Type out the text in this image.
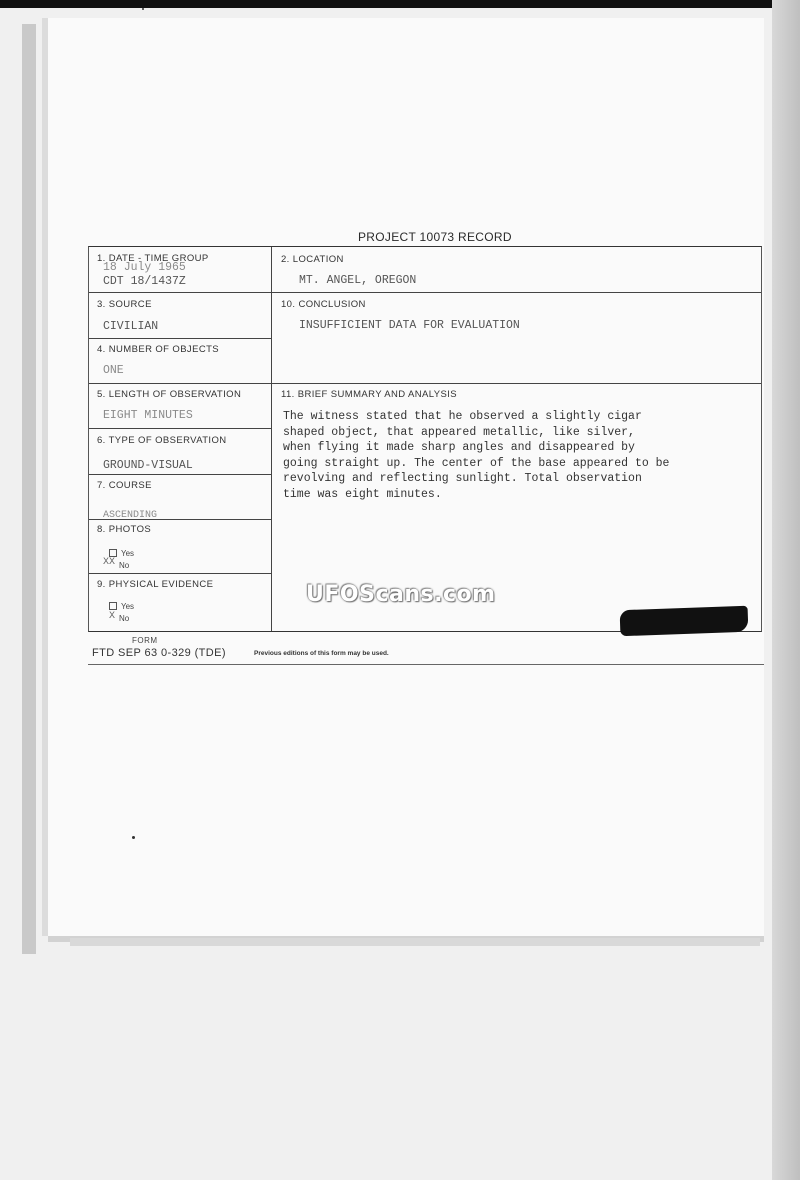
PROJECT 10073 RECORD
1. DATE - TIME GROUP
18 July 1965
CDT 18/1437Z
2. LOCATION
MT. ANGEL, OREGON
3. SOURCE
CIVILIAN
10. CONCLUSION
INSUFFICIENT DATA FOR EVALUATION
4. NUMBER OF OBJECTS
ONE
5. LENGTH OF OBSERVATION
EIGHT MINUTES
11. BRIEF SUMMARY AND ANALYSIS
The witness stated that he observed a slightly cigar
shaped object, that appeared metallic, like silver,
when flying it made sharp angles and disappeared by
going straight up. The center of the base appeared to be
revolving and reflecting sunlight. Total observation
time was eight minutes.
6. TYPE OF OBSERVATION
GROUND-VISUAL
7. COURSE
ASCENDING
8. PHOTOS
Yes
No
XX
9. PHYSICAL EVIDENCE
Yes
No
X
UFOScans.com
FORM
FTD SEP 63 0-329 (TDE)	Previous editions of this form may be used.
